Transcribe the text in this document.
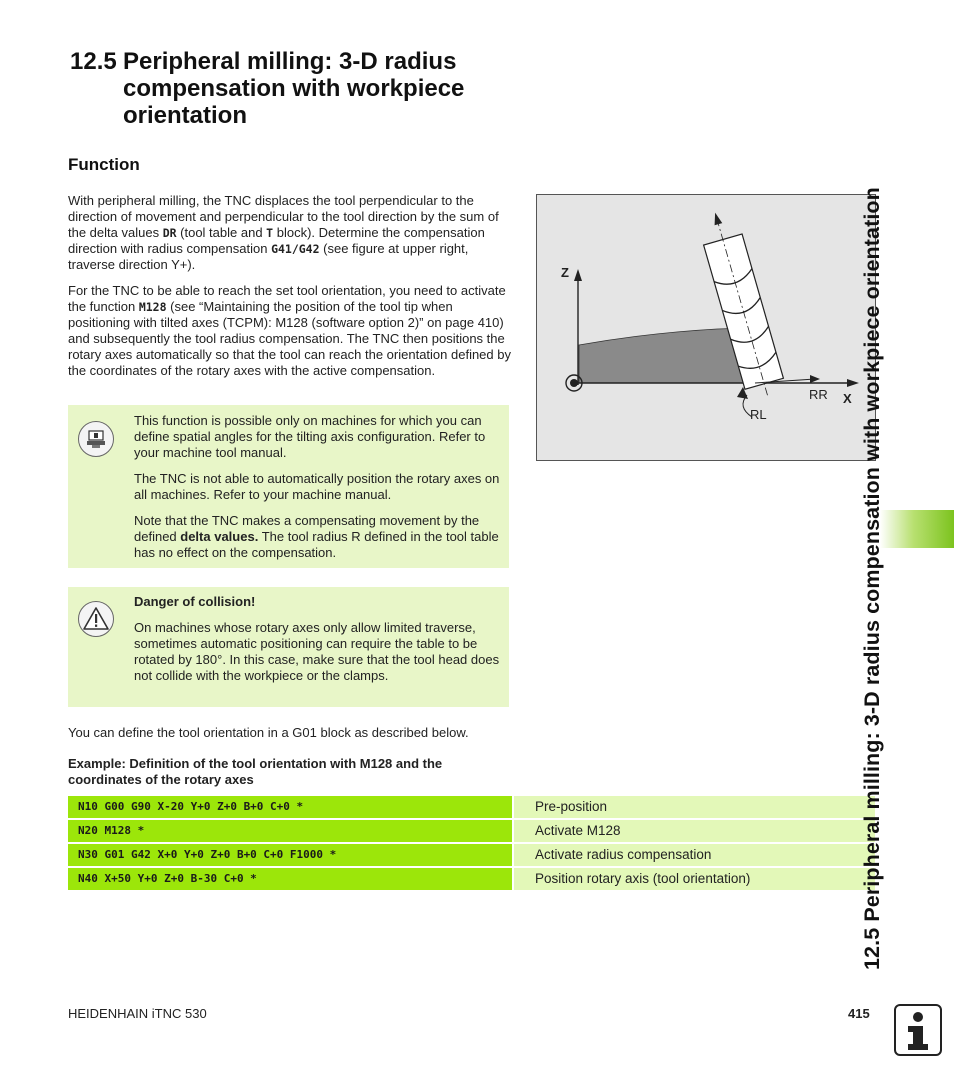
12.5 Peripheral milling: 3-D radius compensation with workpiece orientation
Function
With peripheral milling, the TNC displaces the tool perpendicular to the direction of movement and perpendicular to the tool direction by the sum of the delta values DR (tool table and T block). Determine the compensation direction with radius compensation G41/G42 (see figure at upper right, traverse direction Y+).
For the TNC to be able to reach the set tool orientation, you need to activate the function M128 (see “Maintaining the position of the tool tip when positioning with tilted axes (TCPM): M128 (software option 2)” on page 410) and subsequently the tool radius compensation. The TNC then positions the rotary axes automatically so that the tool can reach the orientation defined by the coordinates of the rotary axes with the active compensation.

This function is possible only on machines for which you can define spatial angles for the tilting axis configuration. Refer to your machine tool manual.

The TNC is not able to automatically position the rotary axes on all machines. Refer to your machine manual.

Note that the TNC makes a compensating movement by the defined delta values. The tool radius R defined in the tool table has no effect on the compensation.

Danger of collision!

On machines whose rotary axes only allow limited traverse, sometimes automatic positioning can require the table to be rotated by 180°. In this case, make sure that the tool head does not collide with the workpiece or the clamps.

You can define the tool orientation in a G01 block as described below.
Example: Definition of the tool orientation with M128 and the coordinates of the rotary axes
N10 G00 G90 X-20 Y+0 Z+0 B+0 C+0 *	Pre-position
N20 M128 *	Activate M128
N30 G01 G42 X+0 Y+0 Z+0 B+0 C+0 F1000 *	Activate radius compensation
N40 X+50 Y+0 Z+0 B-30 C+0 *	Position rotary axis (tool orientation)
Z
X
RR
RL	12.5 Peripheral milling: 3-D radius compensation with workpiece orientation
HEIDENHAIN iTNC 530	415
